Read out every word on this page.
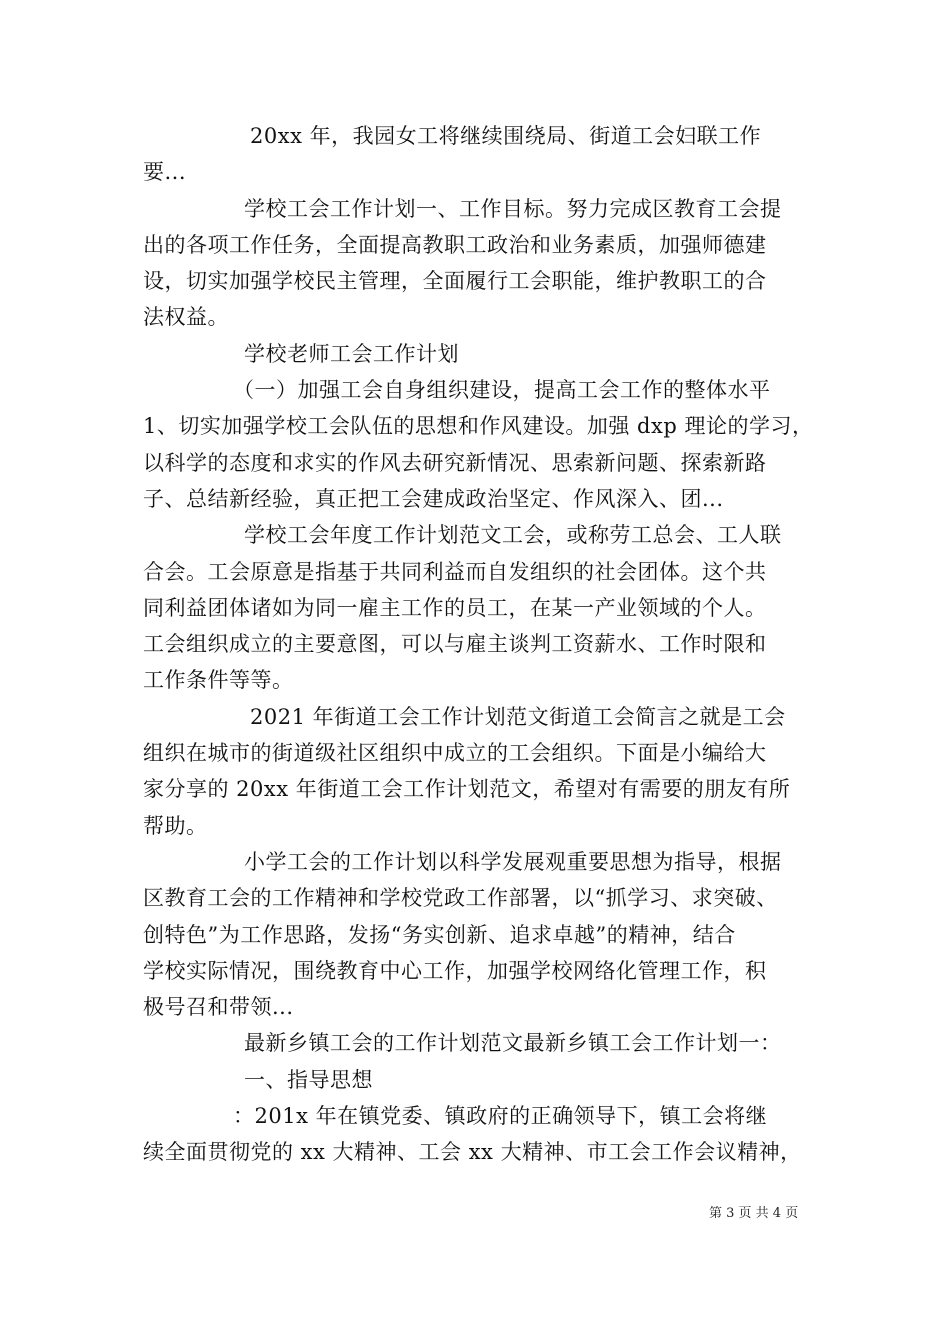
20xx 年，我园女工将继续围绕局、街道工会妇联工作
要...
学校工会工作计划一、工作目标。努力完成区教育工会提
出的各项工作任务，全面提高教职工政治和业务素质，加强师德建
设，切实加强学校民主管理，全面履行工会职能，维护教职工的合
法权益。
学校老师工会工作计划
（一）加强工会自身组织建设，提高工会工作的整体水平
1、切实加强学校工会队伍的思想和作风建设。加强 dxp 理论的学习，
以科学的态度和求实的作风去研究新情况、思索新问题、探索新路
子、总结新经验，真正把工会建成政治坚定、作风深入、团...
学校工会年度工作计划范文工会，或称劳工总会、工人联
合会。工会原意是指基于共同利益而自发组织的社会团体。这个共
同利益团体诸如为同一雇主工作的员工，在某一产业领域的个人。
工会组织成立的主要意图，可以与雇主谈判工资薪水、工作时限和
工作条件等等。
2021 年街道工会工作计划范文街道工会简言之就是工会
组织在城市的街道级社区组织中成立的工会组织。下面是小编给大
家分享的 20xx 年街道工会工作计划范文，希望对有需要的朋友有所
帮助。
小学工会的工作计划以科学发展观重要思想为指导，根据
区教育工会的工作精神和学校党政工作部署，以“抓学习、求突破、
创特色”为工作思路，发扬“务实创新、追求卓越”的精神，结合
学校实际情况，围绕教育中心工作，加强学校网络化管理工作，积
极号召和带领...
最新乡镇工会的工作计划范文最新乡镇工会工作计划一：
一、指导思想
：201x 年在镇党委、镇政府的正确领导下，镇工会将继
续全面贯彻党的 xx 大精神、工会 xx 大精神、市工会工作会议精神，
第 3 页 共 4 页
